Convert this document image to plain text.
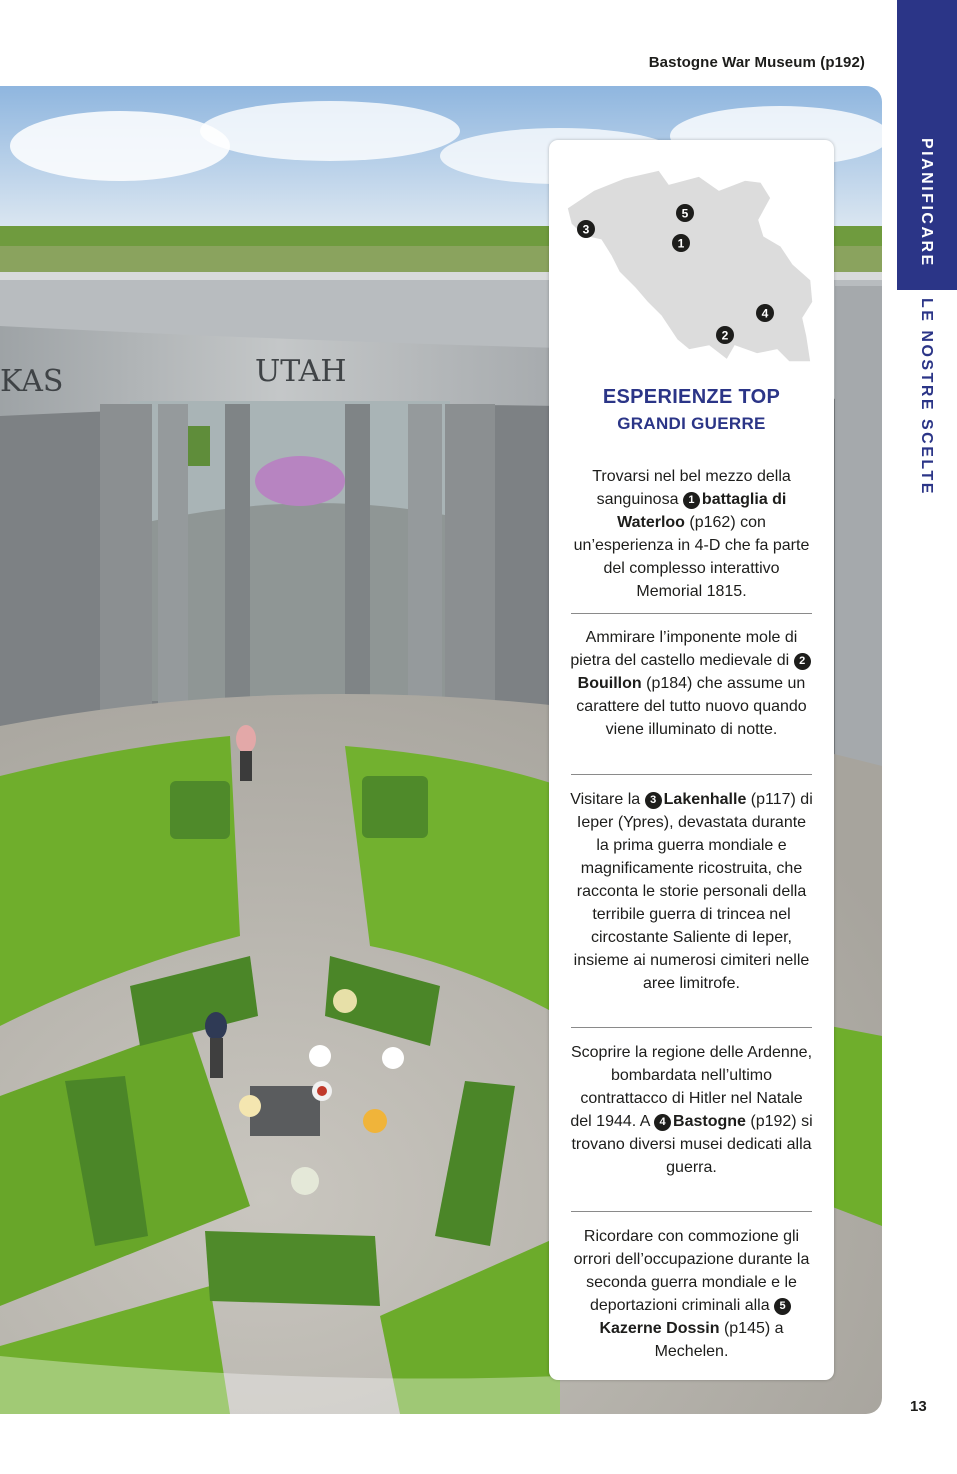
Bastogne War Museum (p192)
PIANIFICARE
LE NOSTRE SCELTE
13
KAS	UTAH
5
3
1
4
2
ESPERIENZE TOP
GRANDI GUERRE
Trovarsi nel bel mezzo della sanguinosa 1 battaglia di Waterloo (p162) con un’esperienza in 4-D che fa parte del complesso interattivo Memorial 1815.
Ammirare l’imponente mole di pietra del castello medievale di 2Bouillon (p184) che assume un carattere del tutto nuovo quando viene illuminato di notte.
Visitare la 3 Lakenhalle (p117) di Ieper (Ypres), devastata durante la prima guerra mondiale e magnificamente ricostruita, che racconta le storie personali della terribile guerra di trincea nel circostante Saliente di Ieper, insieme ai numerosi cimiteri nelle aree limitrofe.
Scoprire la regione delle Ardenne, bombardata nell’ultimo contrattacco di Hitler nel Natale del 1944. A 4 Bastogne (p192) si trovano diversi musei dedicati alla guerra.
Ricordare con commozione gli orrori dell’occupazione durante la seconda guerra mondiale e le deportazioni criminali alla 5Kazerne Dossin (p145) a Mechelen.
